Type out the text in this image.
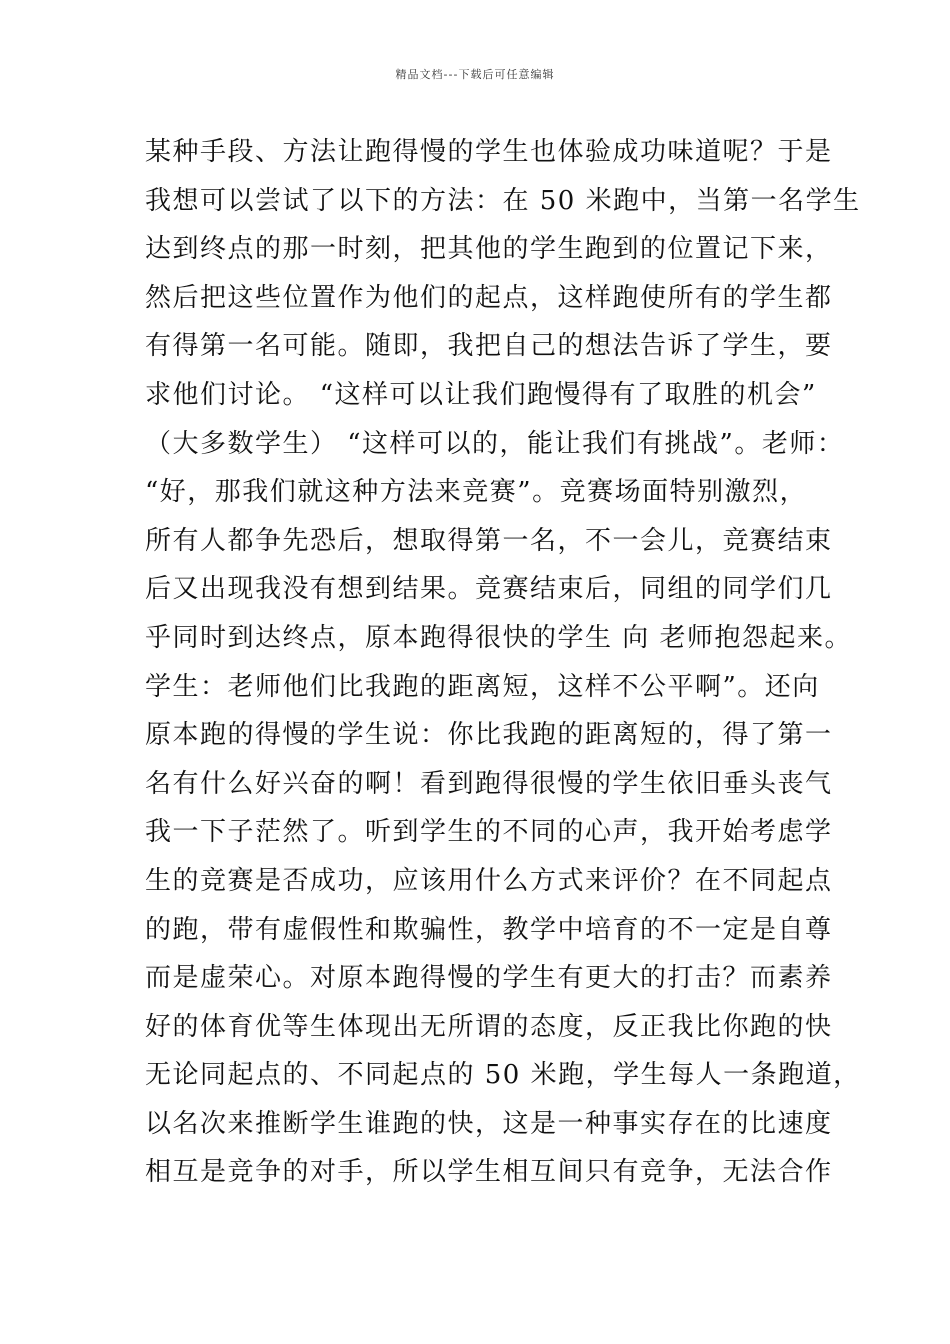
精品文档---下载后可任意编辑
某种手段、方法让跑得慢的学生也体验成功味道呢？于是
我想可以尝试了以下的方法：在 50 米跑中，当第一名学生
达到终点的那一时刻，把其他的学生跑到的位置记下来，
然后把这些位置作为他们的起点，这样跑使所有的学生都
有得第一名可能。随即，我把自己的想法告诉了学生，要
求他们讨论。 “这样可以让我们跑慢得有了取胜的机会”
（大多数学生） “这样可以的，能让我们有挑战”。老师：
“好，那我们就这种方法来竞赛”。竞赛场面特别激烈，
所有人都争先恐后，想取得第一名，不一会儿，竞赛结束
后又出现我没有想到结果。竞赛结束后，同组的同学们几
乎同时到达终点，原本跑得很快的学生 向 老师抱怨起来。
学生：老师他们比我跑的距离短，这样不公平啊”。还向
原本跑的得慢的学生说：你比我跑的距离短的，得了第一
名有什么好兴奋的啊！看到跑得很慢的学生依旧垂头丧气
我一下子茫然了。听到学生的不同的心声，我开始考虑学
生的竞赛是否成功，应该用什么方式来评价？在不同起点
的跑，带有虚假性和欺骗性，教学中培育的不一定是自尊
而是虚荣心。对原本跑得慢的学生有更大的打击？而素养
好的体育优等生体现出无所谓的态度，反正我比你跑的快
无论同起点的、不同起点的 50 米跑，学生每人一条跑道，
以名次来推断学生谁跑的快，这是一种事实存在的比速度
相互是竞争的对手，所以学生相互间只有竞争，无法合作
